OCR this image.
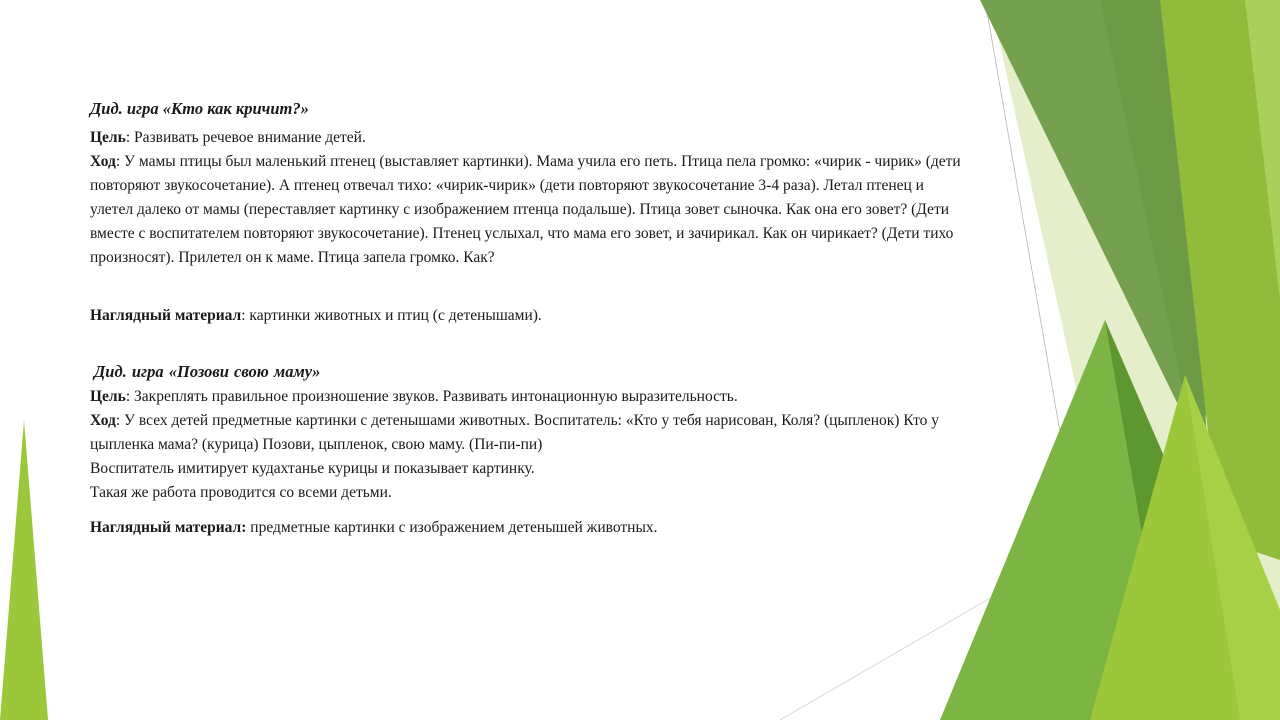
Дид. игра «Кто как кричит?»

Цель: Развивать речевое внимание детей.

Ход: У мамы птицы был маленький птенец (выставляет картинки). Мама учила его петь. Птица пела громко: «чирик - чирик» (дети повторяют звукосочетание). А птенец отвечал тихо: «чирик-чирик» (дети повторяют звукосочетание 3-4 раза). Летал птенец и улетел далеко от мамы (переставляет картинку с изображением птенца подальше). Птица зовет сыночка. Как она его зовет? (Дети вместе с воспитателем повторяют звукосочетание). Птенец услыхал, что мама его зовет, и зачирикал. Как он чирикает? (Дети тихо произносят). Прилетел он к маме. Птица запела громко. Как?

Наглядный материал: картинки животных и птиц (с детенышами).

Дид. игра «Позови свою маму»

Цель: Закреплять правильное произношение звуков. Развивать интонационную выразительность.

Ход: У всех детей предметные картинки с детенышами животных. Воспитатель: «Кто у тебя нарисован, Коля? (цыпленок) Кто у цыпленка мама? (курица) Позови, цыпленок, свою маму. (Пи-пи-пи)

Воспитатель имитирует кудахтанье курицы и показывает картинку.

Такая же работа проводится со всеми детьми.

Наглядный материал: предметные картинки с изображением детенышей животных.
